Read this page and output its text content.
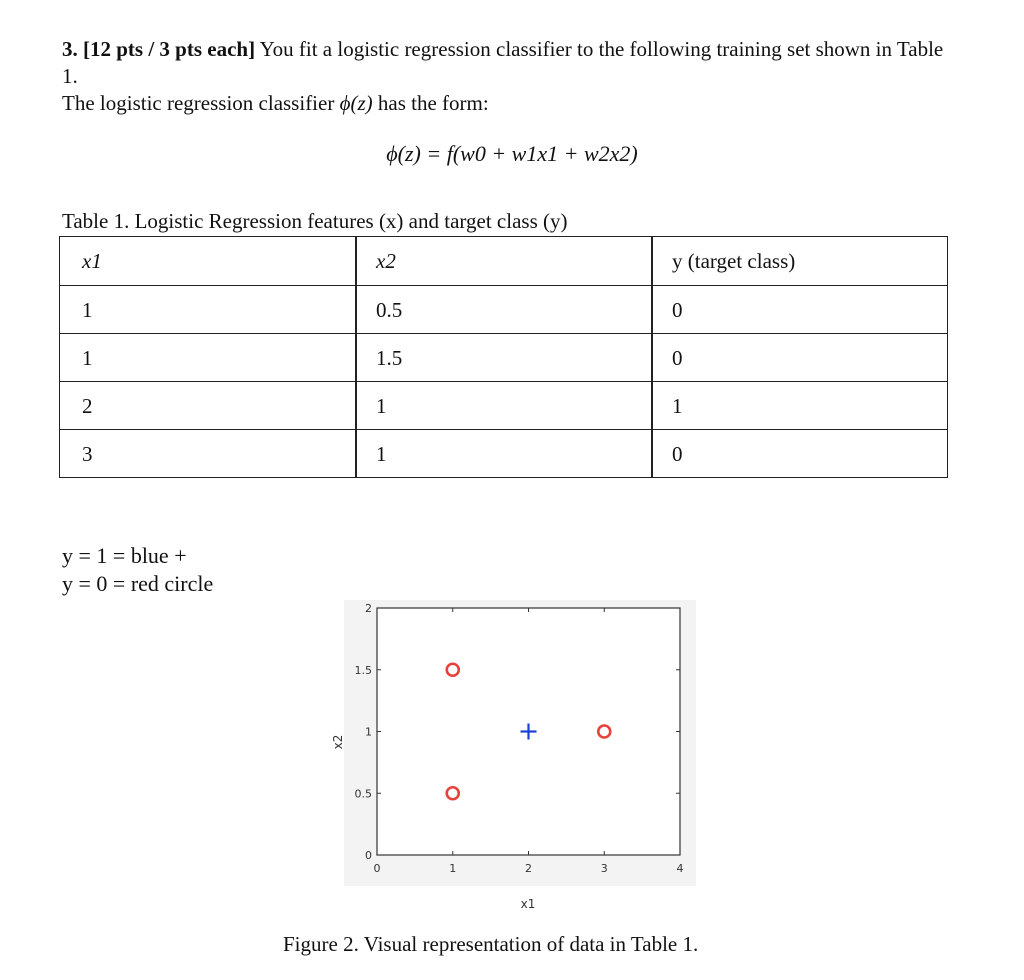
3. [12 pts / 3 pts each] You fit a logistic regression classifier to the following training set shown in Table 1.
The logistic regression classifier ϕ(z) has the form:
ϕ(z) = f(w0 + w1x1 + w2x2)
Table 1. Logistic Regression features (x) and target class (y)
x1	x2	y (target class)
1	0.5	0
1	1.5	0
2	1	1
3	1	0
y = 1 = blue +
y = 0 = red circle
0	1	2	3	4
0
0.5
1
1.5
2
x1
x2
Figure 2. Visual representation of data in Table 1.
